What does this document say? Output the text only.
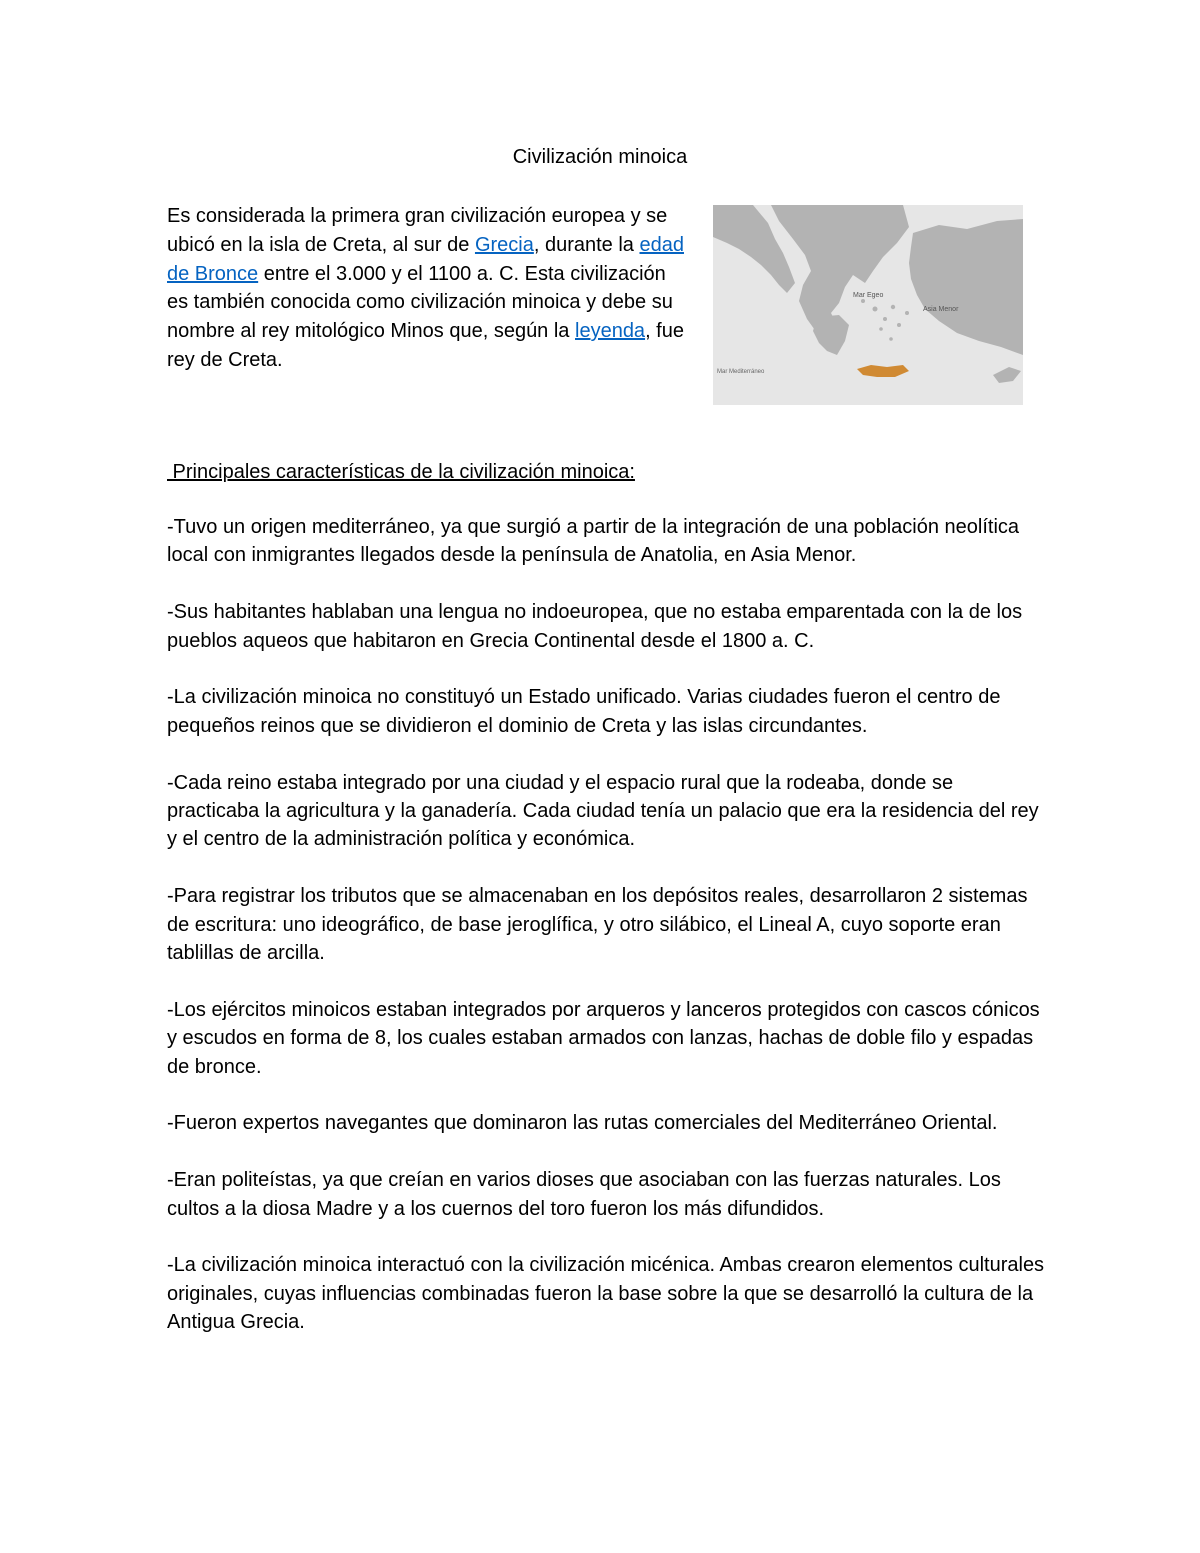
Civilización minoica
Es considerada la primera gran civilización europea y se ubicó en la isla de Creta, al sur de Grecia, durante la edad de Bronce entre el 3.000 y el 1100 a. C. Esta civilización es también conocida como civilización minoica y debe su nombre al rey mitológico Minos que, según la leyenda, fue rey de Creta.
Mar Egeo
Asia Menor
Mar Mediterráneo
Principales características de la civilización minoica:

-Tuvo un origen mediterráneo, ya que surgió a partir de la integración de una población neolítica local con inmigrantes llegados desde la península de Anatolia, en Asia Menor.

-Sus habitantes hablaban una lengua no indoeuropea, que no estaba emparentada con la de los pueblos aqueos que habitaron en Grecia Continental desde el 1800 a. C.

-La civilización minoica no constituyó un Estado unificado. Varias ciudades fueron el centro de pequeños reinos que se dividieron el dominio de Creta y las islas circundantes.

-Cada reino estaba integrado por una ciudad y el espacio rural que la rodeaba, donde se practicaba la agricultura y la ganadería. Cada ciudad tenía un palacio que era la residencia del rey y el centro de la administración política y económica.

-Para registrar los tributos que se almacenaban en los depósitos reales, desarrollaron 2 sistemas de escritura: uno ideográfico, de base jeroglífica, y otro silábico, el Lineal A, cuyo soporte eran tablillas de arcilla.

-Los ejércitos minoicos estaban integrados por arqueros y lanceros protegidos con cascos cónicos y escudos en forma de 8, los cuales estaban armados con lanzas, hachas de doble filo y espadas de bronce.

-Fueron expertos navegantes que dominaron las rutas comerciales del Mediterráneo Oriental.

-Eran politeístas, ya que creían en varios dioses que asociaban con las fuerzas naturales. Los cultos a la diosa Madre y a los cuernos del toro fueron los más difundidos.

-La civilización minoica interactuó con la civilización micénica. Ambas crearon elementos culturales originales, cuyas influencias combinadas fueron la base sobre la que se desarrolló la cultura de la Antigua Grecia.
